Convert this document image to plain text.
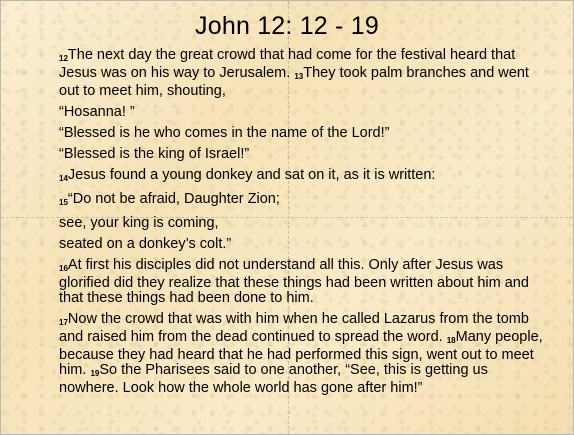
John 12: 12 - 19
12The next day the great crowd that had come for the festival heard that Jesus was on his way to Jerusalem. 13They took palm branches and went out to meet him, shouting,
“Hosanna! ”
“Blessed is he who comes in the name of the Lord!”
“Blessed is the king of Israel!”
14Jesus found a young donkey and sat on it, as it is written:
15“Do not be afraid, Daughter Zion;
see, your king is coming,
seated on a donkey’s colt.”
16At first his disciples did not understand all this. Only after Jesus was glorified did they realize that these things had been written about him and that these things had been done to him.
17Now the crowd that was with him when he called Lazarus from the tomb and raised him from the dead continued to spread the word. 18Many people, because they had heard that he had performed this sign, went out to meet him. 19So the Pharisees said to one another, “See, this is getting us nowhere. Look how the whole world has gone after him!”
